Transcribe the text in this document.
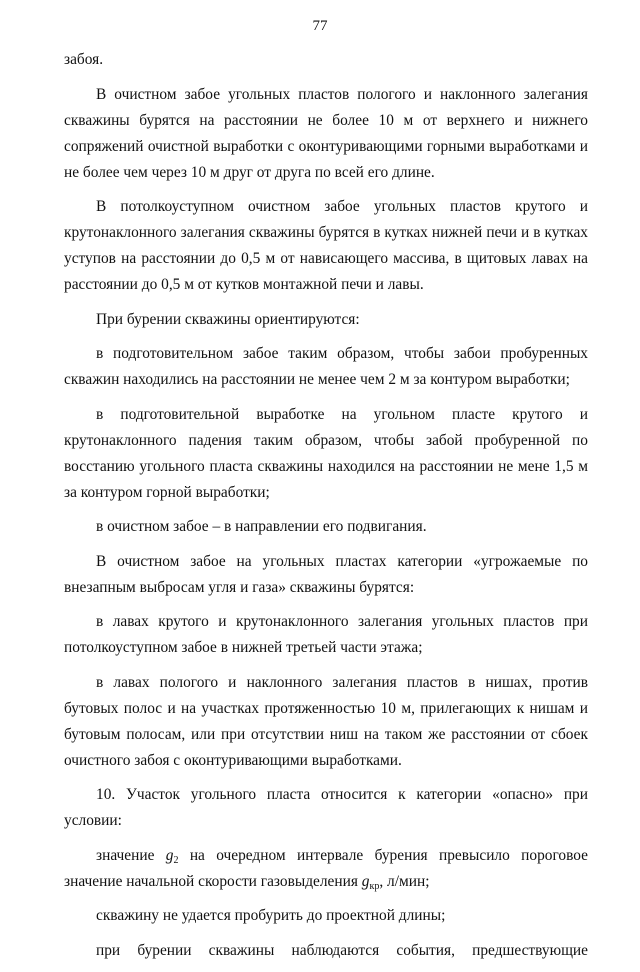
77

забоя.

В очистном забое угольных пластов пологого и наклонного залегания скважины бурятся на расстоянии не более 10 м от верхнего и нижнего сопряжений очистной выработки с оконтуривающими горными выработками и не более чем через 10 м друг от друга по всей его длине.

В потолкоуступном очистном забое угольных пластов крутого и крутонаклонного залегания скважины бурятся в кутках нижней печи и в кутках уступов на расстоянии до 0,5 м от нависающего массива, в щитовых лавах на расстоянии до 0,5 м от кутков монтажной печи и лавы.

При бурении скважины ориентируются:

в подготовительном забое таким образом, чтобы забои пробуренных скважин находились на расстоянии не менее чем 2 м за контуром выработки;

в подготовительной выработке на угольном пласте крутого и крутонаклонного падения таким образом, чтобы забой пробуренной по восстанию угольного пласта скважины находился на расстоянии не мене 1,5 м за контуром горной выработки;

в очистном забое – в направлении его подвигания.

В очистном забое на угольных пластах категории «угрожаемые по внезапным выбросам угля и газа» скважины бурятся:

в лавах крутого и крутонаклонного залегания угольных пластов при потолкоуступном забое в нижней третьей части этажа;

в лавах пологого и наклонного залегания пластов в нишах, против бутовых полос и на участках протяженностью 10 м, прилегающих к нишам и бутовым полосам, или при отсутствии ниш на таком же расстоянии от сбоек очистного забоя с оконтуривающими выработками.

10. Участок угольного пласта относится к категории «опасно» при условии:

значение $g_2$ на очередном интервале бурения превысило пороговое значение начальной скорости газовыделения $g_{кр}$, л/мин;

скважину не удается пробурить до проектной длины;

при бурении скважины наблюдаются события, предшествующие
